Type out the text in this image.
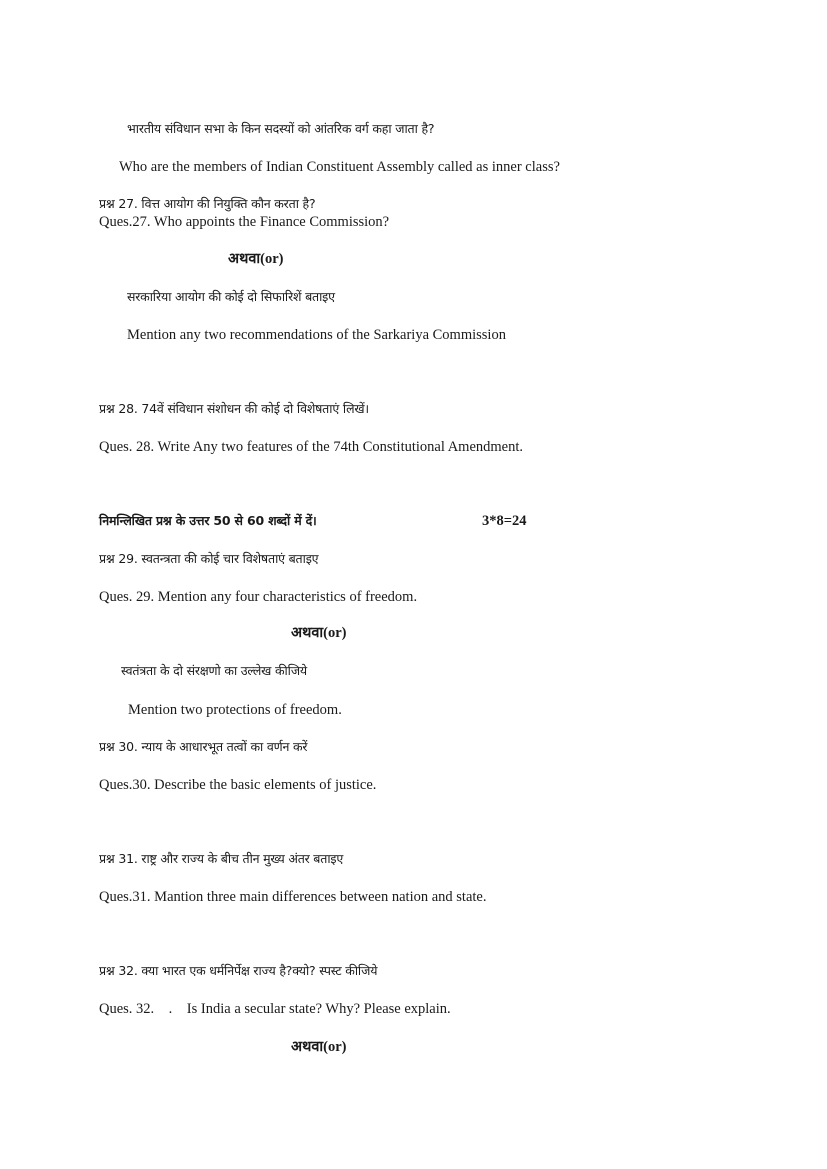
भारतीय संविधान सभा के किन सदस्यों को आंतरिक वर्ग कहा जाता है?
Who are the members of Indian Constituent Assembly called as inner class?
प्रश्न 27. वित्त आयोग की नियुक्ति कौन करता है?
Ques.27. Who appoints the Finance Commission?
अथवा(or)
सरकारिया आयोग की कोई दो सिफारिशें बताइए
Mention any two recommendations of the Sarkariya Commission
प्रश्न 28. 74वें संविधान संशोधन की कोई दो विशेषताएं लिखें।
Ques. 28. Write Any two features of the 74th Constitutional Amendment.
निमन्लिखित प्रश्न के उत्तर 50 से 60 शब्दों में दें।	3*8=24
प्रश्न 29. स्वतन्त्रता की कोई चार विशेषताएं बताइए
Ques. 29. Mention any four characteristics of freedom.
अथवा(or)
स्वतंत्रता के दो संरक्षणो का उल्लेख कीजिये
Mention two protections of freedom.
प्रश्न 30. न्याय के आधारभूत तत्वों का वर्णन करें
Ques.30. Describe the basic elements of justice.
प्रश्न 31. राष्ट्र और राज्य के बीच तीन मुख्य अंतर बताइए
Ques.31. Mantion three main differences between nation and state.
प्रश्न 32. क्या भारत एक धर्मनिर्पेक्ष राज्य है?क्यो? स्पस्ट कीजिये
Ques. 32.    .    Is India a secular state? Why? Please explain.
अथवा(or)
